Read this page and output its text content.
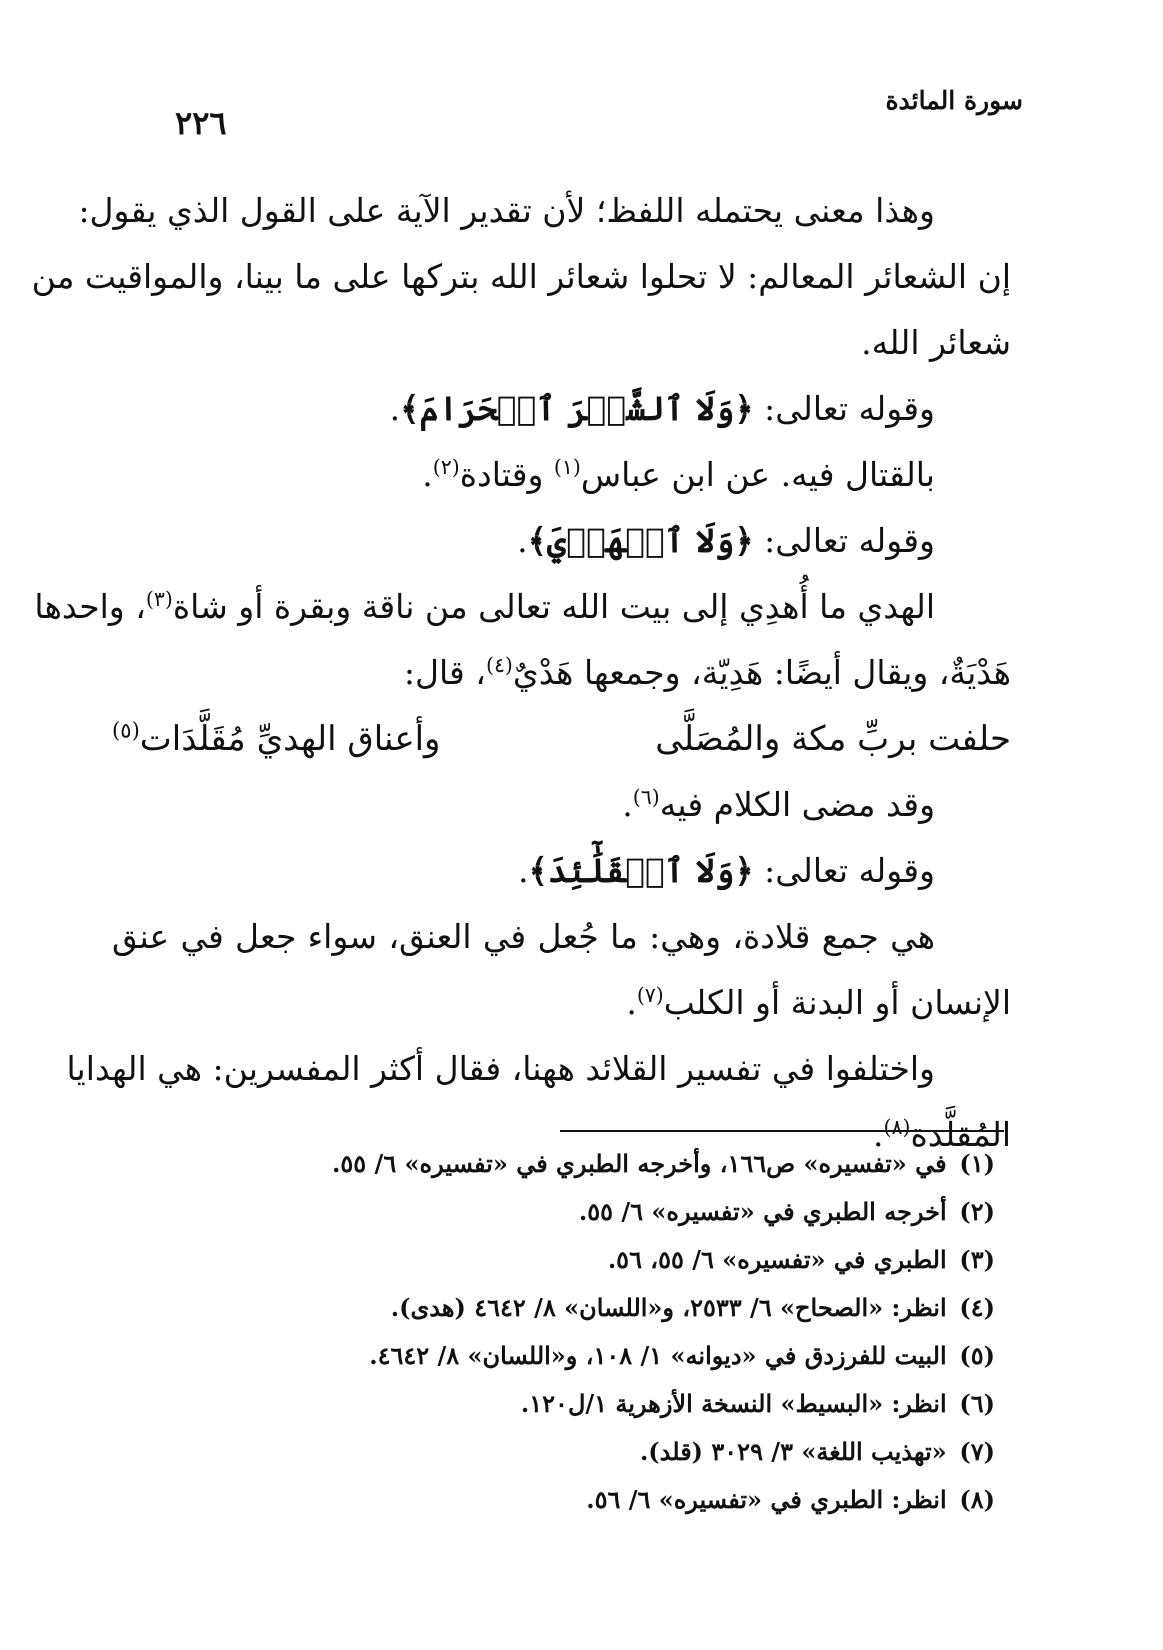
سورة المائدة
٢٢٦
وهذا معنى يحتمله اللفظ؛ لأن تقدير الآية على القول الذي يقول:
إن الشعائر المعالم: لا تحلوا شعائر الله بتركها على ما بينا، والمواقيت من
شعائر الله.
وقوله تعالى: ﴿وَلَا ٱلشَّهۡرَ ٱلۡحَرَامَ﴾.
بالقتال فيه. عن ابن عباس$^{(١)}$ وقتادة$^{(٢)}$.
وقوله تعالى: ﴿وَلَا ٱلۡهَدۡيَ﴾.
الهدي ما أُهدِي إلى بيت الله تعالى من ناقة وبقرة أو شاة$^{(٣)}$، واحدها
هَدْيَةٌ، ويقال أيضًا: هَدِيّة، وجمعها هَدْيٌ$^{(٤)}$، قال:
حلفت بربِّ مكة والمُصَلَّى
وأعناق الهديِّ مُقَلَّدَات$^{(٥)}$
وقد مضى الكلام فيه$^{(٦)}$.
وقوله تعالى: ﴿وَلَا ٱلۡقَلَٰٓئِدَ﴾.
هي جمع قلادة، وهي: ما جُعل في العنق، سواء جعل في عنق
الإنسان أو البدنة أو الكلب$^{(٧)}$.
واختلفوا في تفسير القلائد ههنا، فقال أكثر المفسرين: هي الهدايا
المُقلَّدة$^{(٨)}$.
(١) في «تفسيره» ص١٦٦، وأخرجه الطبري في «تفسيره» ٦/ ٥٥.
(٢) أخرجه الطبري في «تفسيره» ٦/ ٥٥.
(٣) الطبري في «تفسيره» ٦/ ٥٥، ٥٦.
(٤) انظر: «الصحاح» ٦/ ٢٥٣٣، و«اللسان» ٨/ ٤٦٤٢ (هدى).
(٥) البيت للفرزدق في «ديوانه» ١/ ١٠٨، و«اللسان» ٨/ ٤٦٤٢.
(٦) انظر: «البسيط» النسخة الأزهرية ١/ل١٢٠.
(٧) «تهذيب اللغة» ٣/ ٣٠٢٩ (قلد).
(٨) انظر: الطبري في «تفسيره» ٦/ ٥٦.
